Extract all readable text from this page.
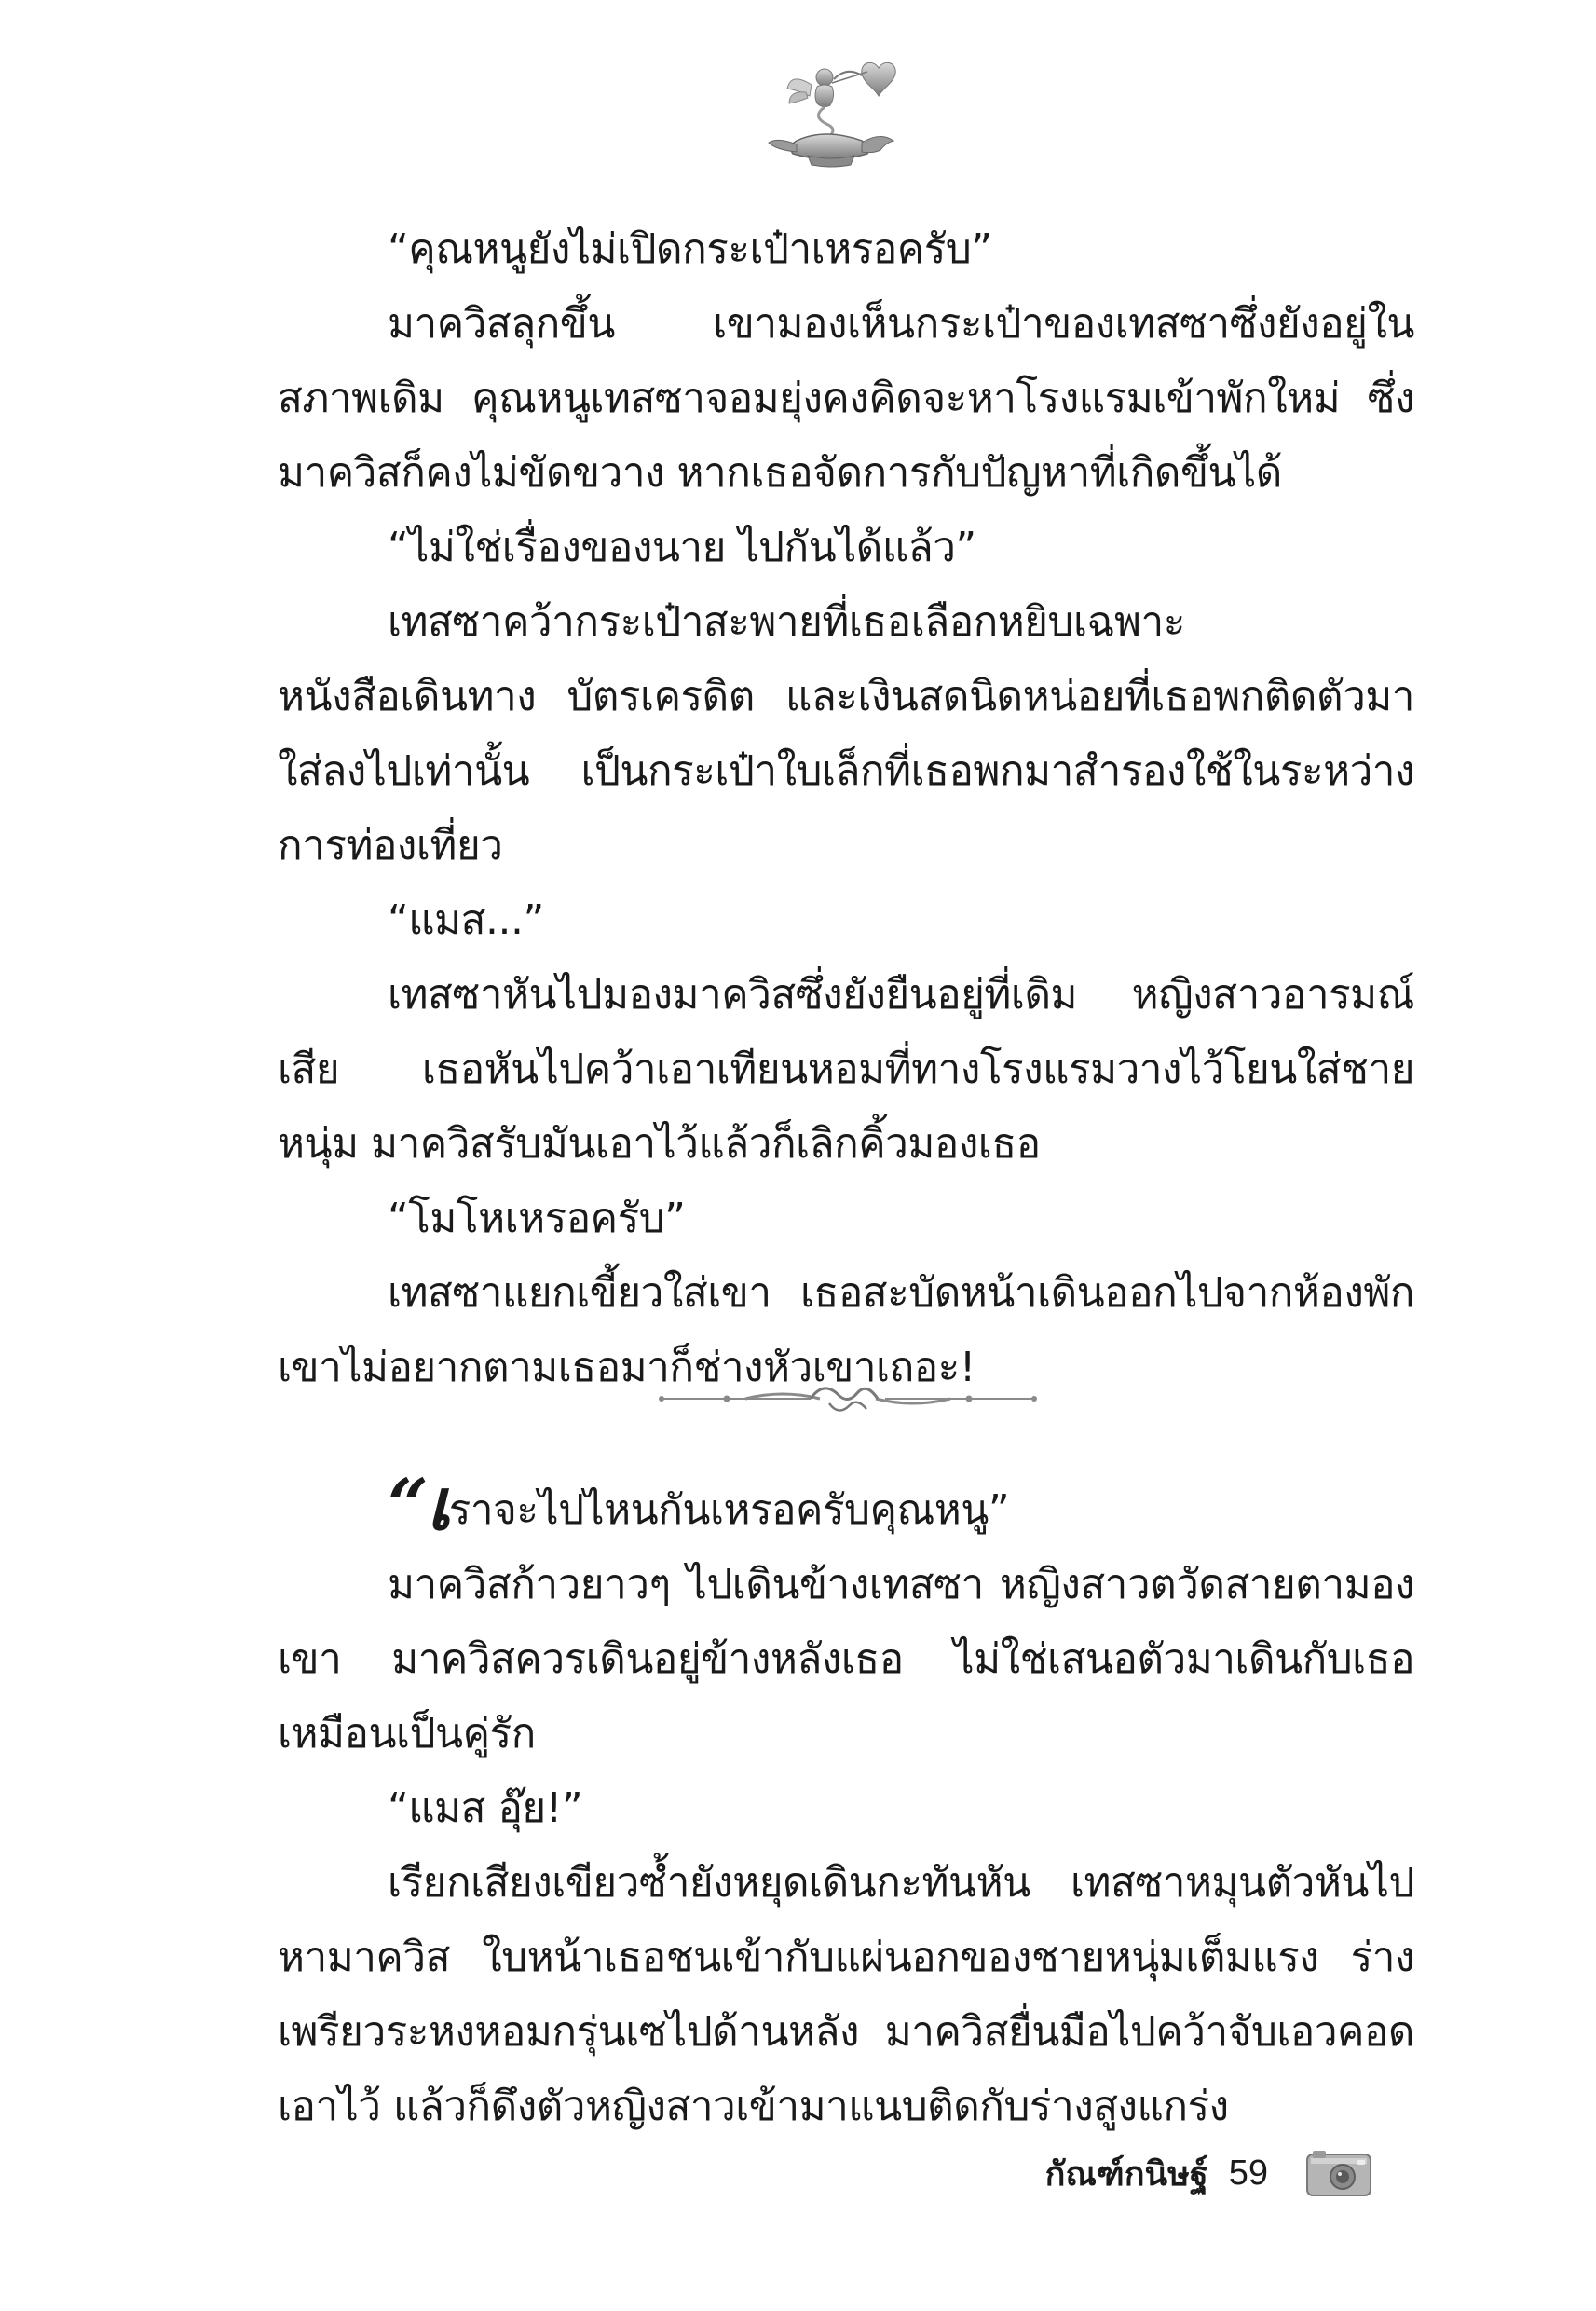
“คุณหนูยังไม่เปิดกระเป๋าเหรอครับ”

มาควิสลุกขึ้น เขามองเห็นกระเป๋าของเทสซาซึ่งยังอยู่ในสภาพเดิม คุณหนูเทสซาจอมยุ่งคงคิดจะหาโรงแรมเข้าพักใหม่ ซึ่งมาควิสก็คงไม่ขัดขวาง หากเธอจัดการกับปัญหาที่เกิดขึ้นได้

“ไม่ใช่เรื่องของนาย ไปกันได้แล้ว”

เทสซาคว้ากระเป๋าสะพายที่เธอเลือกหยิบเฉพาะหนังสือเดินทาง บัตรเครดิต และเงินสดนิดหน่อยที่เธอพกติดตัวมาใส่ลงไปเท่านั้น เป็นกระเป๋าใบเล็กที่เธอพกมาสำรองใช้ในระหว่างการท่องเที่ยว

“แมส...”

เทสซาหันไปมองมาควิสซึ่งยังยืนอยู่ที่เดิม หญิงสาวอารมณ์เสีย เธอหันไปคว้าเอาเทียนหอมที่ทางโรงแรมวางไว้โยนใส่ชายหนุ่ม มาควิสรับมันเอาไว้แล้วก็เลิกคิ้วมองเธอ

“โมโหเหรอครับ”

เทสซาแยกเขี้ยวใส่เขา เธอสะบัดหน้าเดินออกไปจากห้องพัก เขาไม่อยากตามเธอมาก็ช่างหัวเขาเถอะ!

“เราจะไปไหนกันเหรอครับคุณหนู”

มาควิสก้าวยาวๆ ไปเดินข้างเทสซา หญิงสาวตวัดสายตามองเขา มาควิสควรเดินอยู่ข้างหลังเธอ ไม่ใช่เสนอตัวมาเดินกับเธอเหมือนเป็นคู่รัก

“แมส อุ๊ย!”

เรียกเสียงเขียวซ้ำยังหยุดเดินกะทันหัน เทสซาหมุนตัวหันไปหามาควิส ใบหน้าเธอชนเข้ากับแผ่นอกของชายหนุ่มเต็มแรง ร่างเพรียวระหงหอมกรุ่นเซไปด้านหลัง มาควิสยื่นมือไปคว้าจับเอวคอดเอาไว้ แล้วก็ดึงตัวหญิงสาวเข้ามาแนบติดกับร่างสูงแกร่ง

กัณฑ์กนิษฐ์ 59
